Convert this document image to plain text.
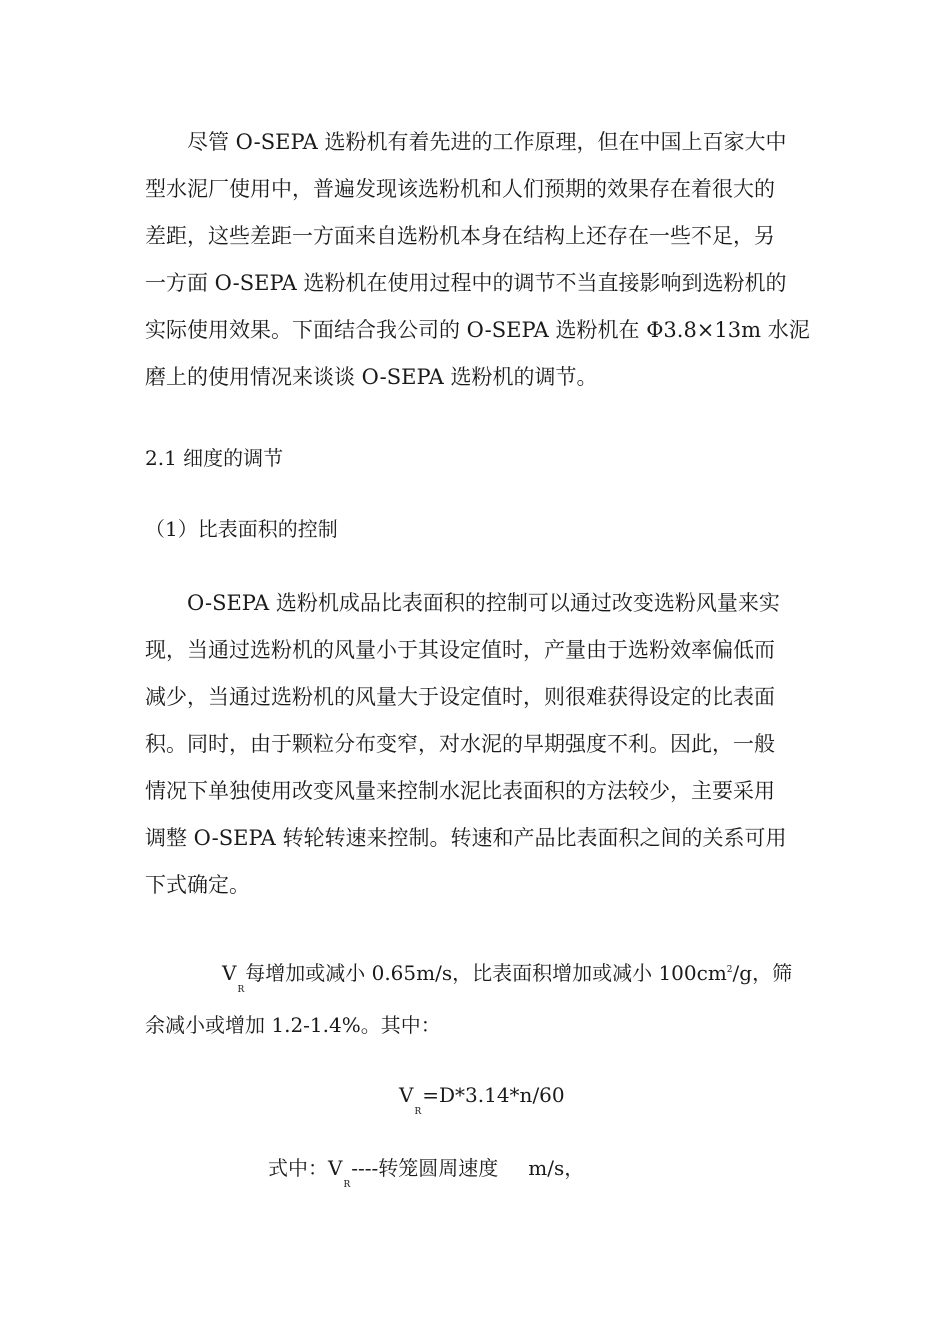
尽管 O-SEPA 选粉机有着先进的工作原理，但在中国上百家大中
型水泥厂使用中，普遍发现该选粉机和人们预期的效果存在着很大的
差距，这些差距一方面来自选粉机本身在结构上还存在一些不足，另
一方面 O-SEPA 选粉机在使用过程中的调节不当直接影响到选粉机的
实际使用效果。下面结合我公司的 O-SEPA 选粉机在 Φ3.8×13m 水泥
磨上的使用情况来谈谈 O-SEPA 选粉机的调节。
2.1 细度的调节
（1）比表面积的控制
O-SEPA 选粉机成品比表面积的控制可以通过改变选粉风量来实
现，当通过选粉机的风量小于其设定值时，产量由于选粉效率偏低而
减少，当通过选粉机的风量大于设定值时，则很难获得设定的比表面
积。同时，由于颗粒分布变窄，对水泥的早期强度不利。因此，一般
情况下单独使用改变风量来控制水泥比表面积的方法较少，主要采用
调整 O-SEPA 转轮转速来控制。转速和产品比表面积之间的关系可用
下式确定。
$V_R$每增加或减小 0.65m/s，比表面积增加或减小 $100cm^2/g$，筛
余减小或增加 1.2-1.4%。其中：
$V_R=D*3.14*n/60$
式中：$V_R----$转笼圆周速度 m/s，
